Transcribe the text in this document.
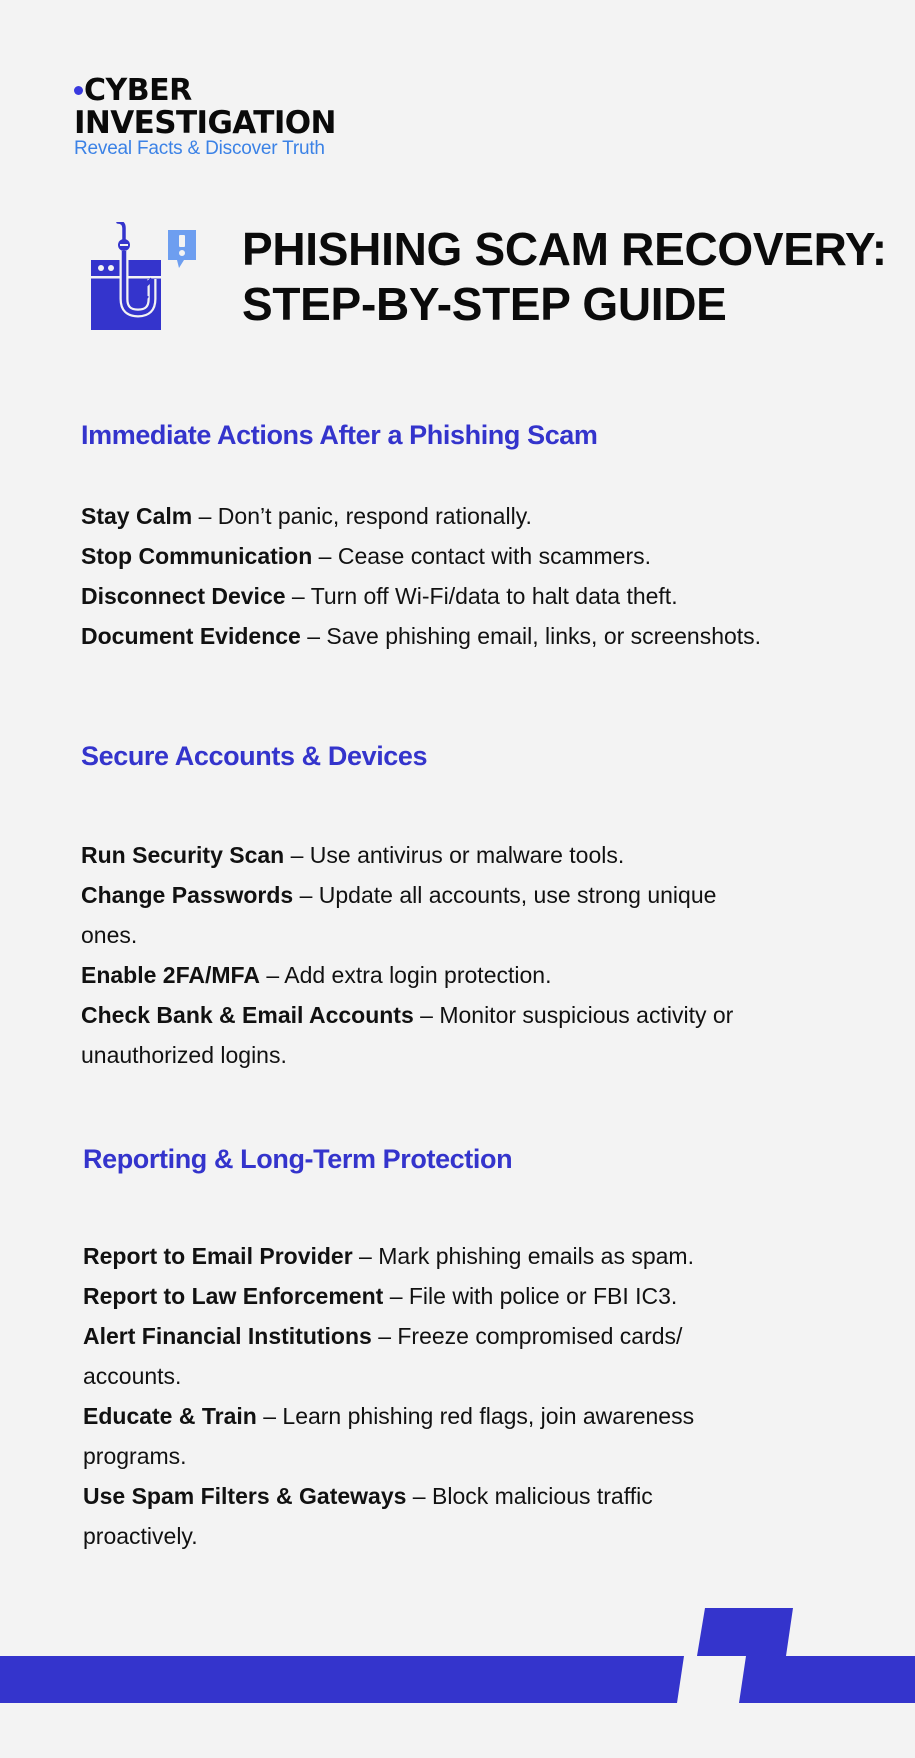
CYBER
INVESTIGATION
Reveal Facts & Discover Truth
PHISHING SCAM RECOVERY:
STEP-BY-STEP GUIDE
Immediate Actions After a Phishing Scam
Stay Calm – Don’t panic, respond rationally.
Stop Communication – Cease contact with scammers.
Disconnect Device – Turn off Wi-Fi/data to halt data theft.
Document Evidence – Save phishing email, links, or screenshots.
Secure Accounts & Devices
Run Security Scan – Use antivirus or malware tools.
Change Passwords – Update all accounts, use strong unique ones.
Enable 2FA/MFA – Add extra login protection.
Check Bank & Email Accounts – Monitor suspicious activity or unauthorized logins.
Reporting & Long-Term Protection
Report to Email Provider – Mark phishing emails as spam.
Report to Law Enforcement – File with police or FBI IC3.
Alert Financial Institutions – Freeze compromised cards/ accounts.
Educate & Train – Learn phishing red flags, join awareness programs.
Use Spam Filters & Gateways – Block malicious traffic proactively.
